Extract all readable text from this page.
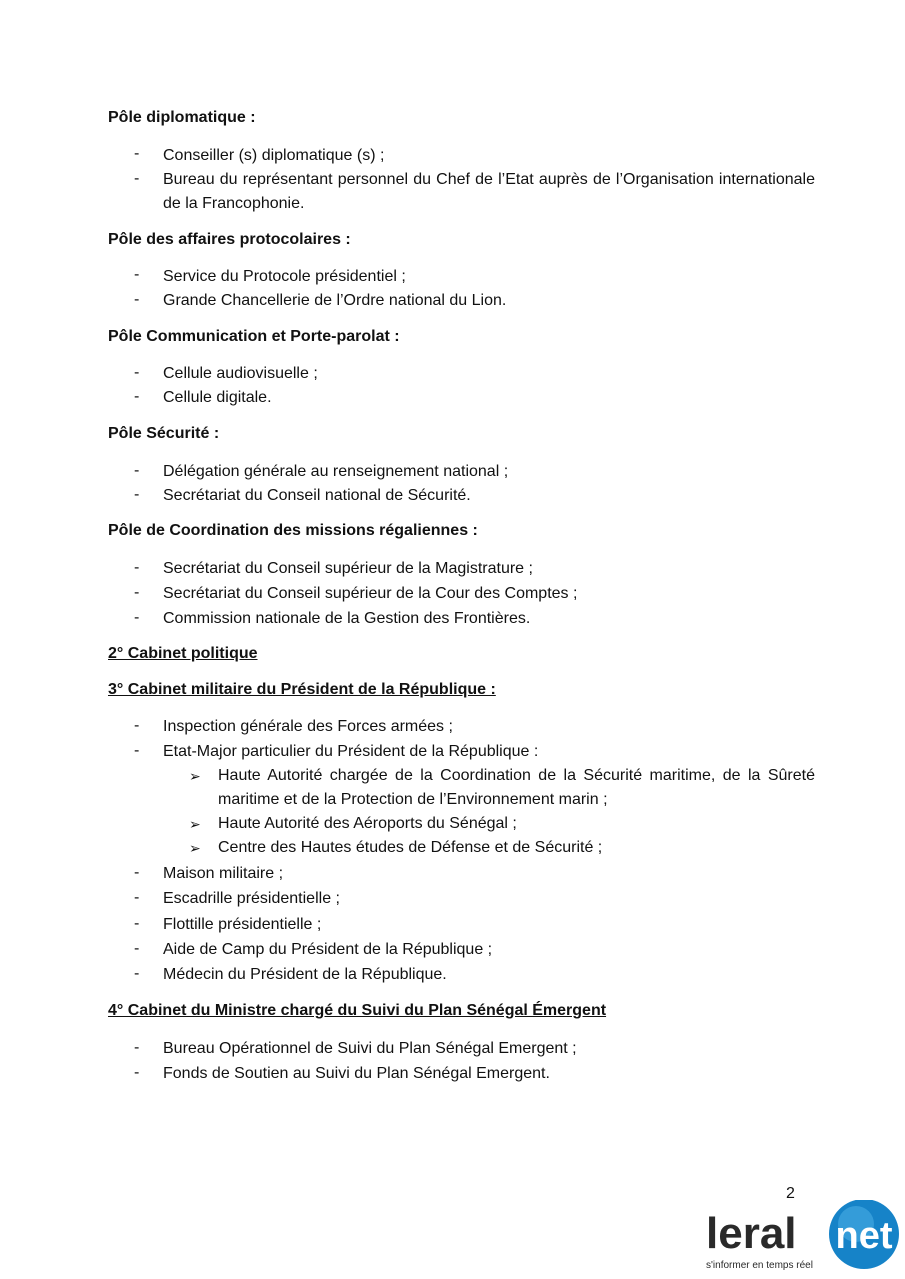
Pôle diplomatique :
- Conseiller (s) diplomatique (s) ;
- Bureau du représentant personnel du Chef de l’Etat auprès de l’Organisation internationale de la Francophonie.
Pôle des affaires protocolaires :
- Service du Protocole présidentiel ;
- Grande Chancellerie de l’Ordre national du Lion.
Pôle Communication et Porte-parolat :
- Cellule audiovisuelle ;
- Cellule digitale.
Pôle Sécurité :
- Délégation générale au renseignement national ;
- Secrétariat du Conseil national de Sécurité.
Pôle de Coordination des missions régaliennes :
- Secrétariat du Conseil supérieur de la Magistrature ;
- Secrétariat du Conseil supérieur de la Cour des Comptes ;
- Commission nationale de la Gestion des Frontières.
2° Cabinet politique
3° Cabinet militaire du Président de la République :
- Inspection générale des Forces armées ;
- Etat-Major particulier du Président de la République :
➢ Haute Autorité chargée de la Coordination de la Sécurité maritime, de la Sûreté maritime et de la Protection de l’Environnement marin ;
➢ Haute Autorité des Aéroports du Sénégal ;
➢ Centre des Hautes études de Défense et de Sécurité ;
- Maison militaire ;
- Escadrille présidentielle ;
- Flottille présidentielle ;
- Aide de Camp du Président de la République ;
- Médecin du Président de la République.
4° Cabinet du Ministre chargé du Suivi du Plan Sénégal Émergent
- Bureau Opérationnel de Suivi du Plan Sénégal Emergent ;
- Fonds de Soutien au Suivi du Plan Sénégal Emergent.
2
leral net
s'informer en temps réel
